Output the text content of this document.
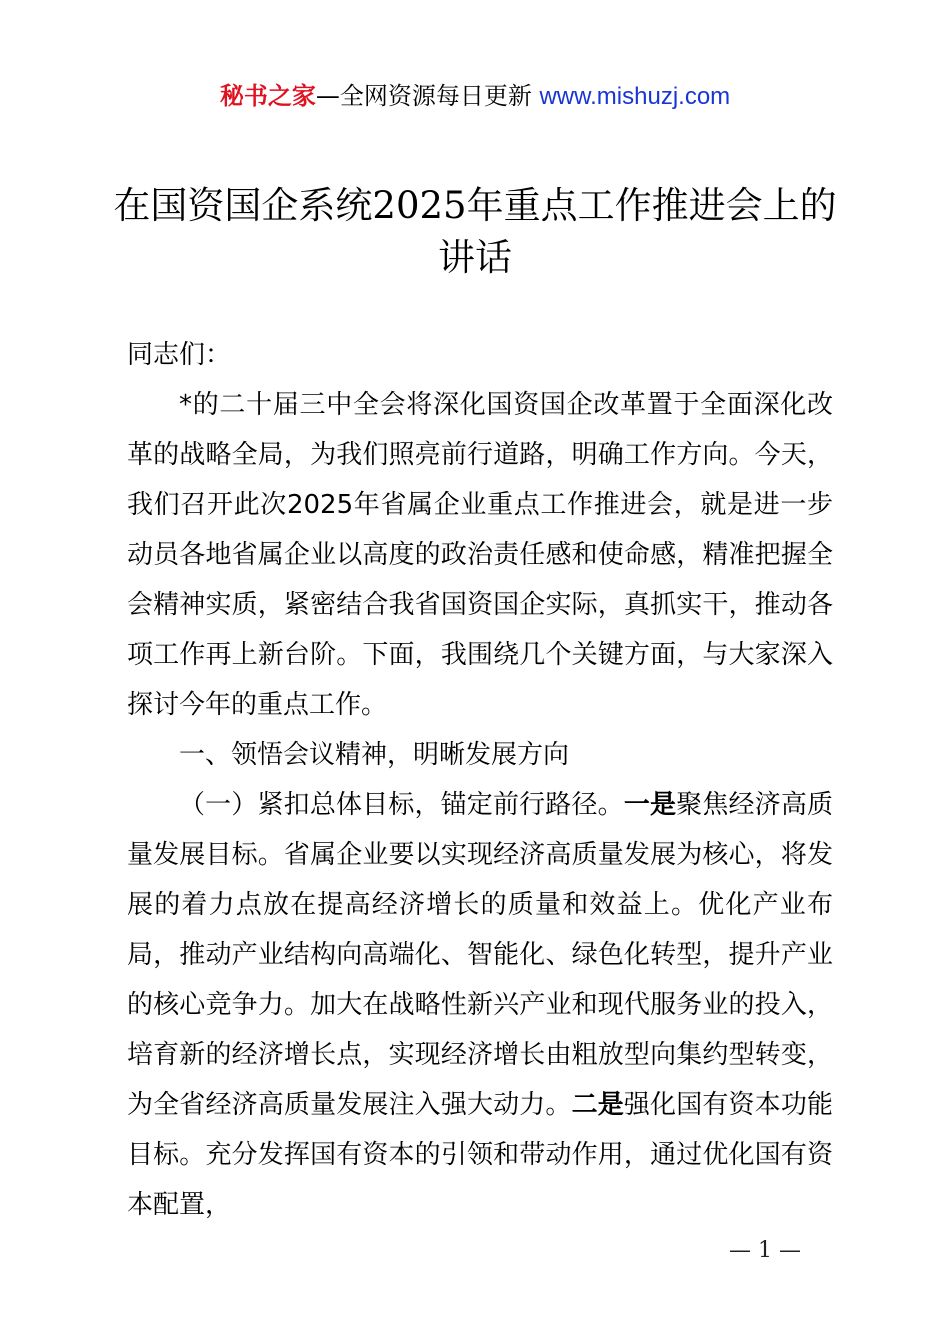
秘书之家—全网资源每日更新 www.mishuzj.com
在国资国企系统2025年重点工作推进会上的讲话
同志们：

*的二十届三中全会将深化国资国企改革置于全面深化改革的战略全局，为我们照亮前行道路，明确工作方向。今天，我们召开此次2025年省属企业重点工作推进会，就是进一步动员各地省属企业以高度的政治责任感和使命感，精准把握全会精神实质，紧密结合我省国资国企实际，真抓实干，推动各项工作再上新台阶。下面，我围绕几个关键方面，与大家深入探讨今年的重点工作。

一、领悟会议精神，明晰发展方向

（一）紧扣总体目标，锚定前行路径。一是聚焦经济高质量发展目标。省属企业要以实现经济高质量发展为核心，将发展的着力点放在提高经济增长的质量和效益上。优化产业布局，推动产业结构向高端化、智能化、绿色化转型，提升产业的核心竞争力。加大在战略性新兴产业和现代服务业的投入，培育新的经济增长点，实现经济增长由粗放型向集约型转变，为全省经济高质量发展注入强大动力。二是强化国有资本功能目标。充分发挥国有资本的引领和带动作用，通过优化国有资本配置，

— 1 —
